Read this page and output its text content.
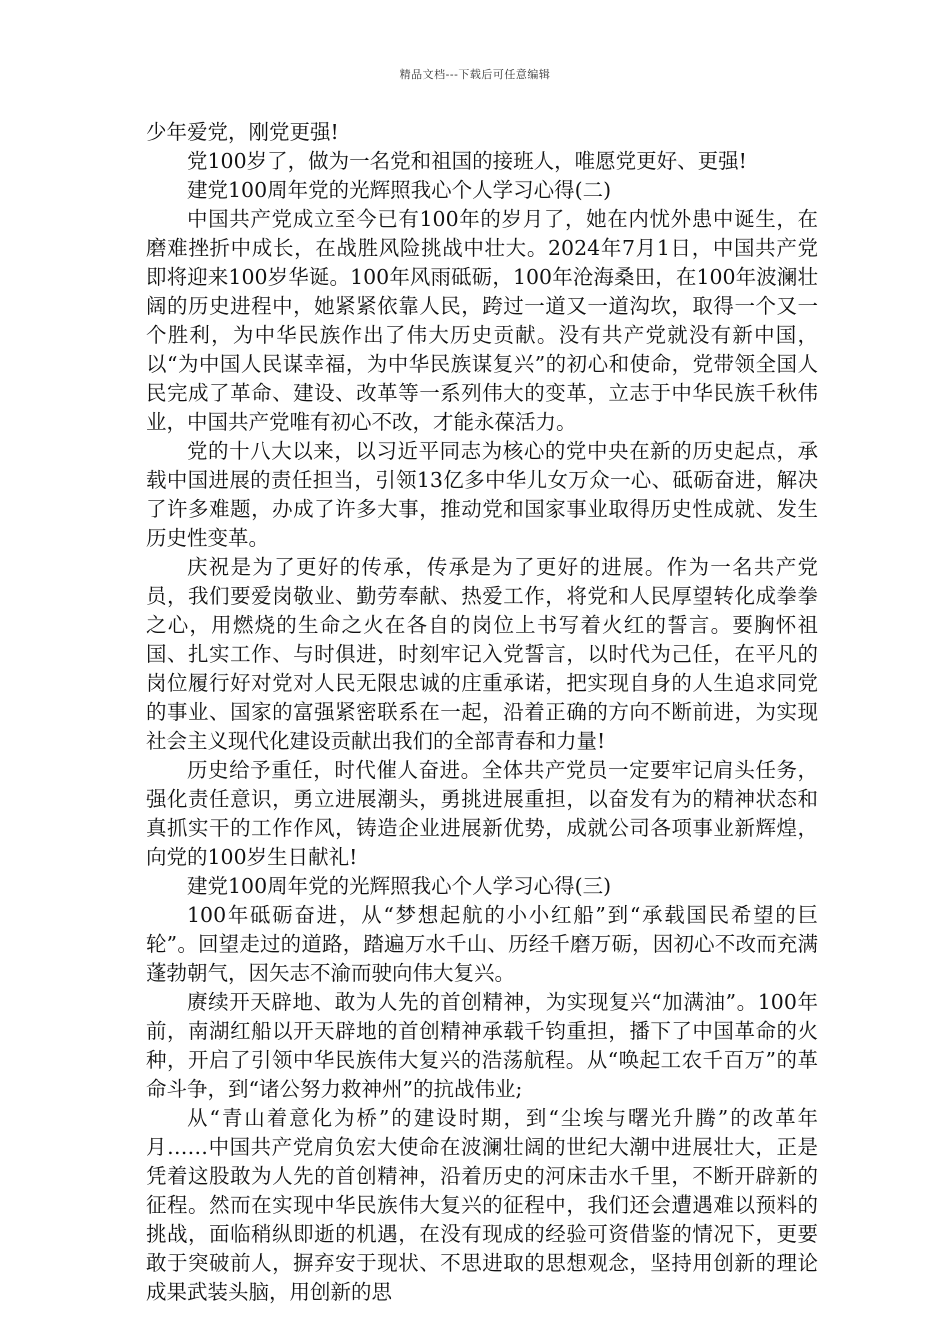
精品文档---下载后可任意编辑

少年爱党，刚党更强!

党100岁了，做为一名党和祖国的接班人，唯愿党更好、更强!

建党100周年党的光辉照我心个人学习心得(二)

中国共产党成立至今已有100年的岁月了，她在内忧外患中诞生，在磨难挫折中成长，在战胜风险挑战中壮大。2024年7月1日，中国共产党即将迎来100岁华诞。100年风雨砥砺，100年沧海桑田，在100年波澜壮阔的历史进程中，她紧紧依靠人民，跨过一道又一道沟坎，取得一个又一个胜利，为中华民族作出了伟大历史贡献。没有共产党就没有新中国，以“为中国人民谋幸福，为中华民族谋复兴”的初心和使命，党带领全国人民完成了革命、建设、改革等一系列伟大的变革，立志于中华民族千秋伟业，中国共产党唯有初心不改，才能永葆活力。

党的十八大以来，以习近平同志为核心的党中央在新的历史起点，承载中国进展的责任担当，引领13亿多中华儿女万众一心、砥砺奋进，解决了许多难题，办成了许多大事，推动党和国家事业取得历史性成就、发生历史性变革。

庆祝是为了更好的传承，传承是为了更好的进展。作为一名共产党员，我们要爱岗敬业、勤劳奉献、热爱工作，将党和人民厚望转化成拳拳之心，用燃烧的生命之火在各自的岗位上书写着火红的誓言。要胸怀祖国、扎实工作、与时俱进，时刻牢记入党誓言，以时代为己任，在平凡的岗位履行好对党对人民无限忠诚的庄重承诺，把实现自身的人生追求同党的事业、国家的富强紧密联系在一起，沿着正确的方向不断前进，为实现社会主义现代化建设贡献出我们的全部青春和力量!

历史给予重任，时代催人奋进。全体共产党员一定要牢记肩头任务，强化责任意识，勇立进展潮头，勇挑进展重担，以奋发有为的精神状态和真抓实干的工作作风，铸造企业进展新优势，成就公司各项事业新辉煌，向党的100岁生日献礼!

建党100周年党的光辉照我心个人学习心得(三)

100年砥砺奋进，从“梦想起航的小小红船”到“承载国民希望的巨轮”。回望走过的道路，踏遍万水千山、历经千磨万砺，因初心不改而充满蓬勃朝气，因矢志不渝而驶向伟大复兴。

赓续开天辟地、敢为人先的首创精神，为实现复兴“加满油”。100年前，南湖红船以开天辟地的首创精神承载千钧重担，播下了中国革命的火种，开启了引领中华民族伟大复兴的浩荡航程。从“唤起工农千百万”的革命斗争，到“诸公努力救神州”的抗战伟业;

从“青山着意化为桥”的建设时期，到“尘埃与曙光升腾”的改革年月……中国共产党肩负宏大使命在波澜壮阔的世纪大潮中进展壮大，正是凭着这股敢为人先的首创精神，沿着历史的河床击水千里，不断开辟新的征程。然而在实现中华民族伟大复兴的征程中，我们还会遭遇难以预料的挑战，面临稍纵即逝的机遇，在没有现成的经验可资借鉴的情况下，更要敢于突破前人，摒弃安于现状、不思进取的思想观念，坚持用创新的理论成果武装头脑，用创新的思
